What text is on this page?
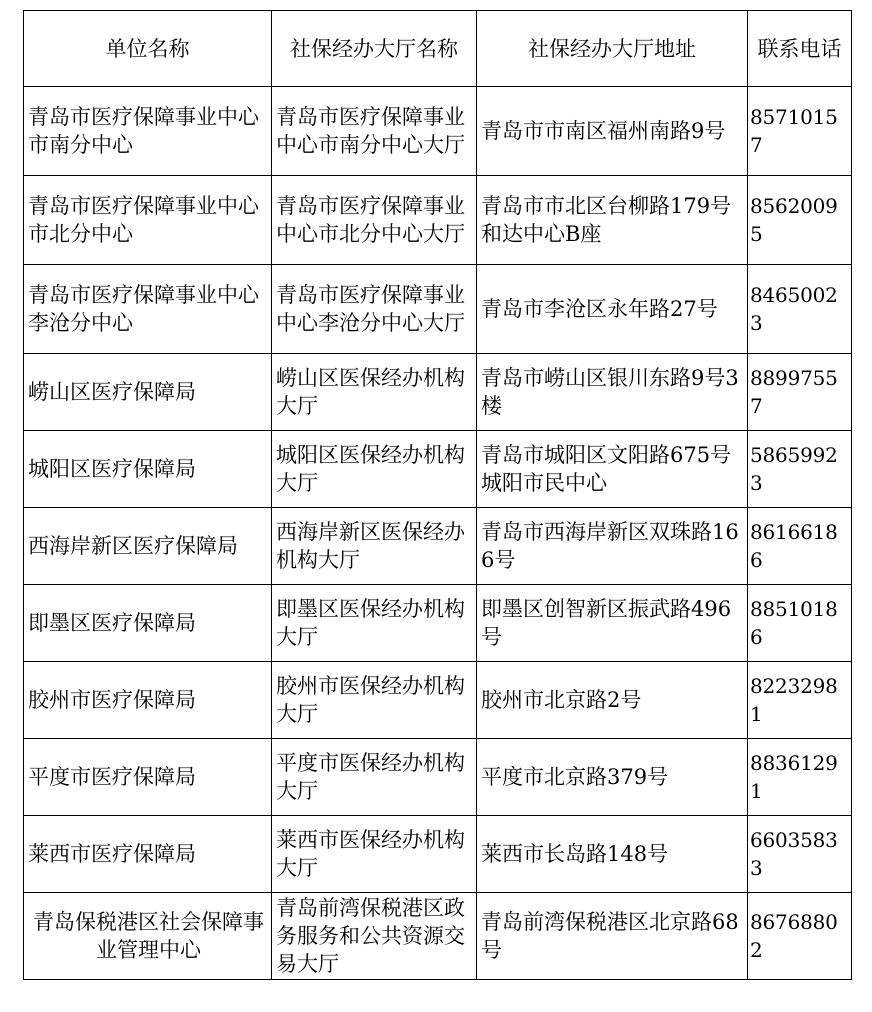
单位名称	社保经办大厅名称	社保经办大厅地址	联系电话
青岛市医疗保障事业中心市南分中心	青岛市医疗保障事业中心市南分中心大厅	青岛市市南区福州南路9号	85710157
青岛市医疗保障事业中心市北分中心	青岛市医疗保障事业中心市北分中心大厅	青岛市市北区台柳路179号和达中心B座	85620095
青岛市医疗保障事业中心李沧分中心	青岛市医疗保障事业中心李沧分中心大厅	青岛市李沧区永年路27号	84650023
崂山区医疗保障局	崂山区医保经办机构大厅	青岛市崂山区银川东路9号3楼	88997557
城阳区医疗保障局	城阳区医保经办机构大厅	青岛市城阳区文阳路675号城阳市民中心	58659923
西海岸新区医疗保障局	西海岸新区医保经办机构大厅	青岛市西海岸新区双珠路166号	86166186
即墨区医疗保障局	即墨区医保经办机构大厅	即墨区创智新区振武路496号	88510186
胶州市医疗保障局	胶州市医保经办机构大厅	胶州市北京路2号	82232981
平度市医疗保障局	平度市医保经办机构大厅	平度市北京路379号	88361291
莱西市医疗保障局	莱西市医保经办机构大厅	莱西市长岛路148号	66035833
青岛保税港区社会保障事业管理中心	青岛前湾保税港区政务服务和公共资源交易大厅	青岛前湾保税港区北京路68号	86768802
